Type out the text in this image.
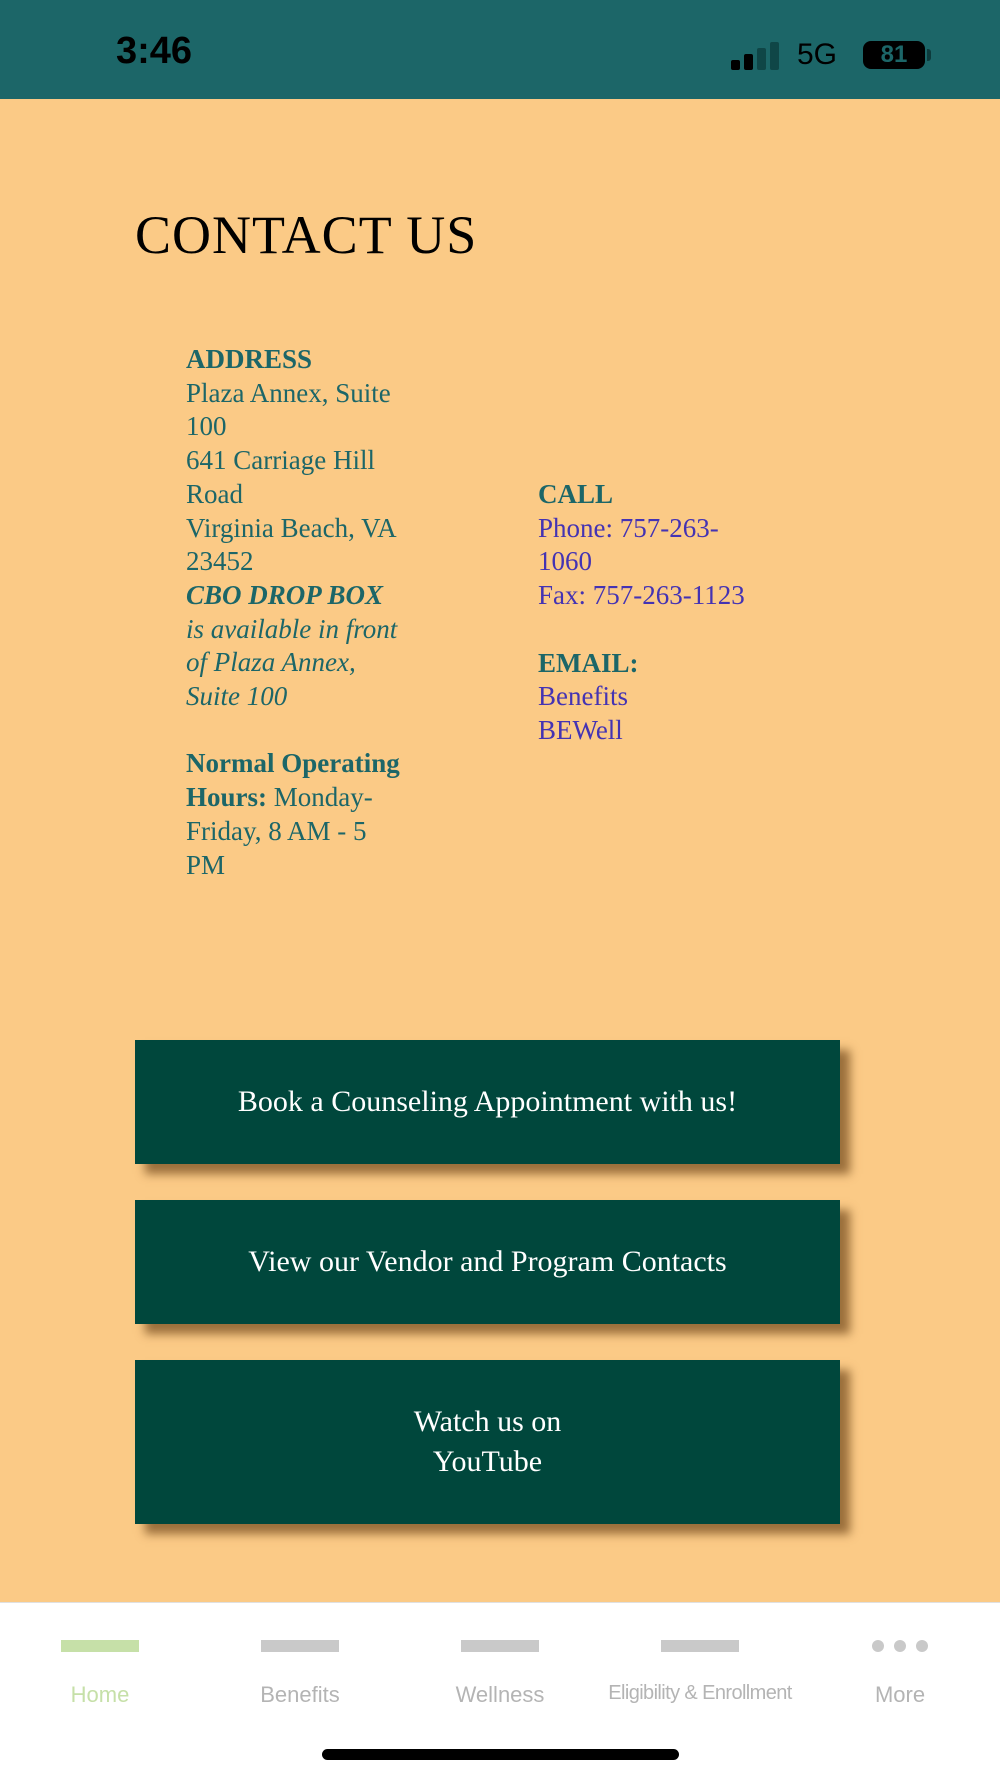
3:46	5G	81
CONTACT US
ADDRESS
Plaza Annex, Suite
100
641 Carriage Hill
Road
Virginia Beach, VA
23452
CBO DROP BOX
is available in front
of Plaza Annex,
Suite 100
Normal Operating
Hours: Monday-
Friday, 8 AM - 5
PM
CALL
Phone: 757-263-
1060
Fax: 757-263-1123
EMAIL:
Benefits
BEWell
Book a Counseling Appointment with us!
View our Vendor and Program Contacts
Watch us on YouTube
Home	Benefits	Wellness	Eligibility & Enrollment	More
